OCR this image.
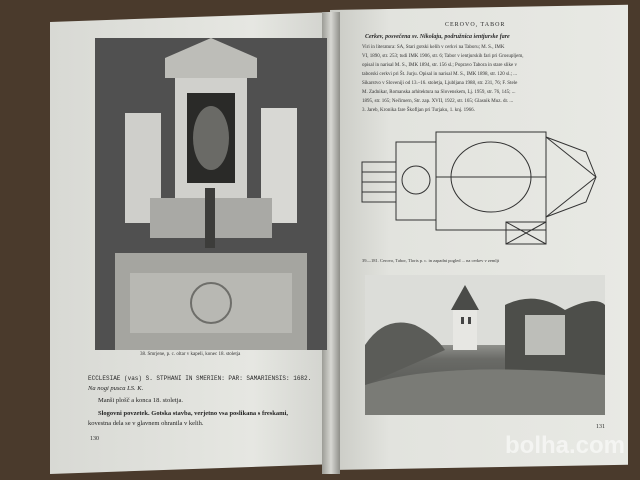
38. Smrjene, p. c. oltar v kapeli, konec 18. stoletja
ECCLESIAE (vas) S. STPHANI IN SMERIEN: PAR: SAMARIENSIS: 1682.
Na nogi pusca LS. K.
Manši plošč a konca 18. stoletja.
Slogovni povzetek. Gotska stavba, verjetno vsa poslikana s freskami,
kovestna dela se v glavnem ohranila v kelih.
130
CEROVO, TABOR
Cerkev, posvečena sv. Nikolaju, podružnica ientjurske fare
Viri in literatura: SA, Stari gotski kelih v cerkvi na Taboru; M. S., IMK
VI, 1890, str. 253; tudi IMK 1906, str. 6; Tabor v ientjurskih fari pri Grosupljem,
opisal in narisal M. S., IMK 1894, str. 156 sl.; Popravo Tabora in stare slike v
taborski cerkvi pri Št. Jurju. Opisal in narisal M. S., IMK 1898, str. 120 sl.; ...
Sikarstvo v Sloveniji od 13.–16. stoletja, Ljubljana 1988, str. 231, 76; F. Stele
M. Zadnikar, Romanska arhitektura na Slovenskem, Lj. 1959, str. 76, 145; ...
1895, str. 165; Nečimern, Str. zap. XVII, 1922, str. 165; Glasnik Muz. dr. ...
3. Jareb, Kronika fare Škofljan pri Turjaku, 1. knj. 1966.
39—181. Cerovo, Tabor, Tloris p. c. in zapadni pogled ... na cerkev v zemlji
131
bolha.com
